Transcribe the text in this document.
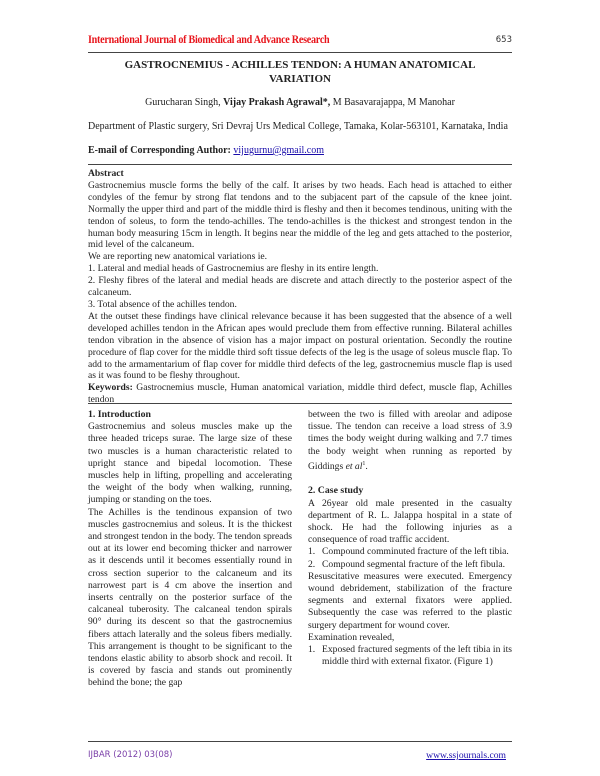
International Journal of Biomedical and Advance Research	653
GASTROCNEMIUS - ACHILLES TENDON: A HUMAN ANATOMICAL
VARIATION
Gurucharan Singh, Vijay Prakash Agrawal*, M Basavarajappa, M Manohar
Department of Plastic surgery, Sri Devraj Urs Medical College, Tamaka, Kolar-563101, Karnataka, India
E-mail of Corresponding Author: vijugurnu@gmail.com

Abstract

Gastrocnemius muscle forms the belly of the calf. It arises by two heads. Each head is attached to either condyles of the femur by strong flat tendons and to the subjacent part of the capsule of the knee joint. Normally the upper third and part of the middle third is fleshy and then it becomes tendinous, uniting with the tendon of soleus, to form the tendo-achilles. The tendo-achilles is the thickest and strongest tendon in the human body measuring 15cm in length. It begins near the middle of the leg and gets attached to the posterior, mid level of the calcaneum.

We are reporting new anatomical variations ie.

1. Lateral and medial heads of Gastrocnemius are fleshy in its entire length.

2. Fleshy fibres of the lateral and medial heads are discrete and attach directly to the posterior aspect of the calcaneum.

3. Total absence of the achilles tendon.

At the outset these findings have clinical relevance because it has been suggested that the absence of a well developed achilles tendon in the African apes would preclude them from effective running. Bilateral achilles tendon vibration in the absence of vision has a major impact on postural orientation. Secondly the routine procedure of flap cover for the middle third soft tissue defects of the leg is the usage of soleus muscle flap. To add to the armamentarium of flap cover for middle third defects of the leg, gastrocnemius muscle flap is used as it was found to be fleshy throughout.

Keywords: Gastrocnemius muscle, Human anatomical variation, middle third defect, muscle flap, Achilles tendon

1. Introduction

Gastrocnemius and soleus muscles make up the three headed triceps surae. The large size of these two muscles is a human characteristic related to upright stance and bipedal locomotion. These muscles help in lifting, propelling and accelerating the weight of the body when walking, running, jumping or standing on the toes.

The Achilles is the tendinous expansion of two muscles gastrocnemius and soleus. It is the thickest and strongest tendon in the body. The tendon spreads out at its lower end becoming thicker and narrower as it descends until it becomes essentially round in cross section superior to the calcaneum and its narrowest part is 4 cm above the insertion and inserts centrally on the posterior surface of the calcaneal tuberosity. The calcaneal tendon spirals 90° during its descent so that the gastrocnemius fibers attach laterally and the soleus fibers medially. This arrangement is thought to be significant to the tendons elastic ability to absorb shock and recoil. It is covered by fascia and stands out prominently behind the bone; the gap

between the two is filled with areolar and adipose tissue. The tendon can receive a load stress of 3.9 times the body weight during walking and 7.7 times the body weight when running as reported by Giddings et $al^1$.

2. Case study

A 26year old male presented in the casualty department of R. L. Jalappa hospital in a state of shock. He had the following injuries as a consequence of road traffic accident.

1. Compound comminuted fracture of the left tibia.
2. Compound segmental fracture of the left fibula.

Resuscitative measures were executed. Emergency wound debridement, stabilization of the fracture segments and external fixators were applied. Subsequently the case was referred to the plastic surgery department for wound cover.

Examination revealed,

1. Exposed fractured segments of the left tibia in its middle third with external fixator. (Figure 1)
IJBAR (2012) 03(08)	www.ssjournals.com
